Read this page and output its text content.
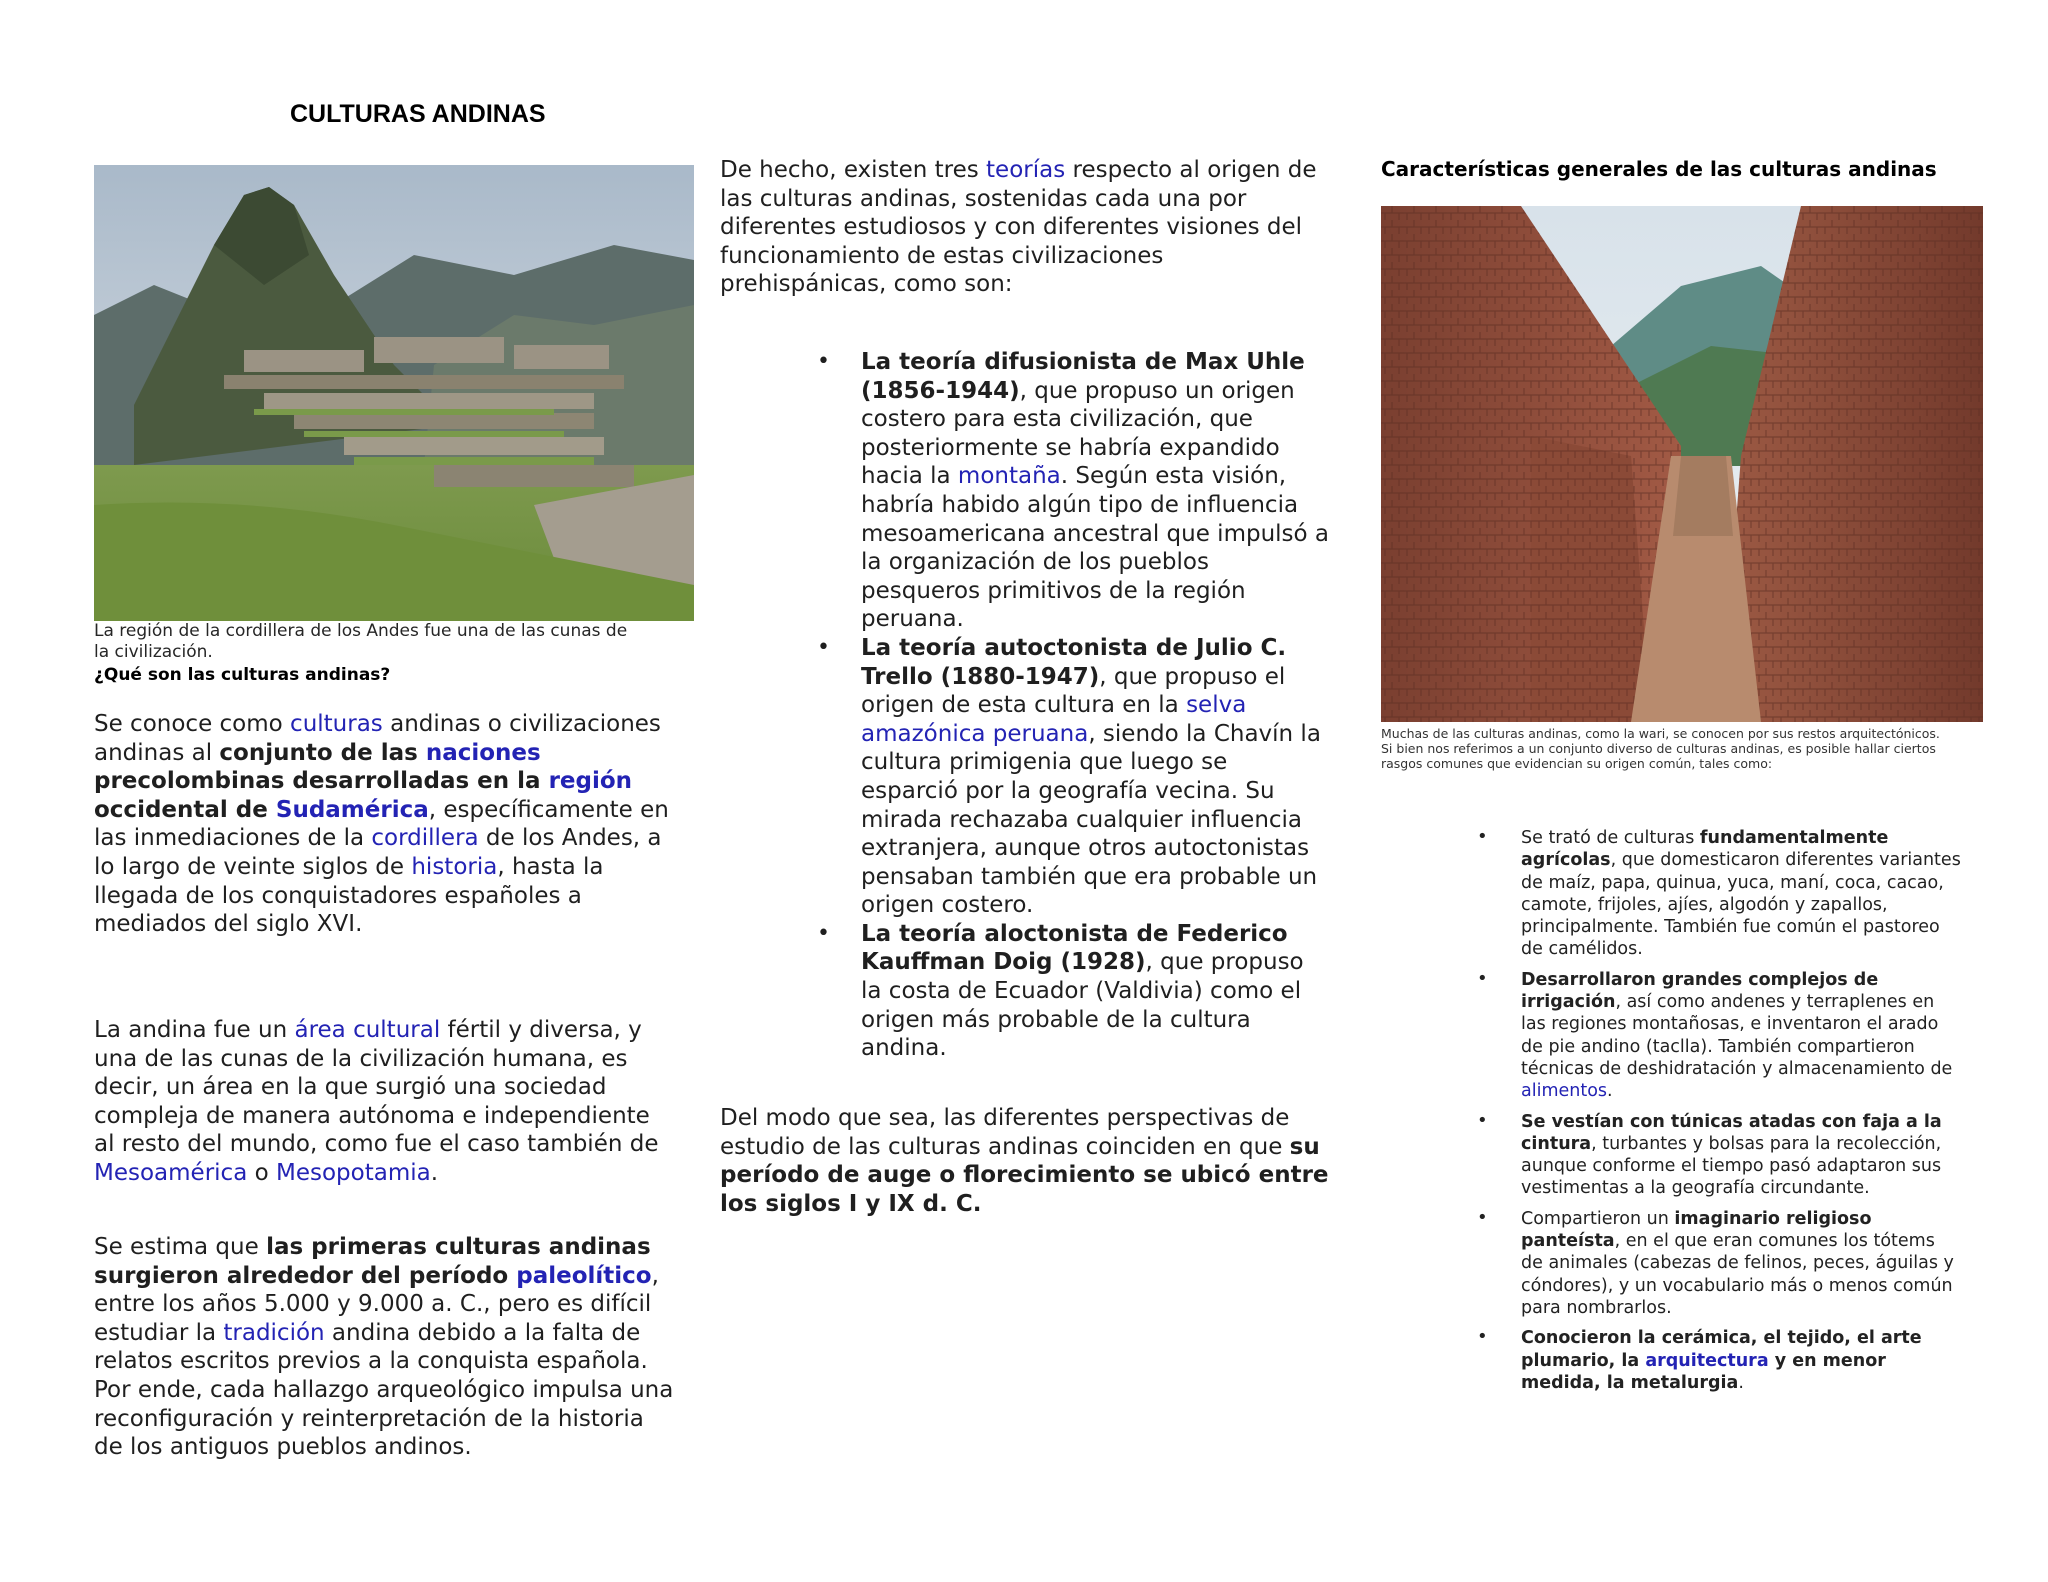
CULTURAS ANDINAS
La región de la cordillera de los Andes fue una de las cunas de
la civilización.
¿Qué son las culturas andinas?

Se conoce como culturas andinas o civilizaciones andinas al conjunto de las naciones precolombinas desarrolladas en la región occidental de Sudamérica, específicamente en las inmediaciones de la cordillera de los Andes, a lo largo de veinte siglos de historia, hasta la llegada de los conquistadores españoles a mediados del siglo XVI.

La andina fue un área cultural fértil y diversa, y una de las cunas de la civilización humana, es decir, un área en la que surgió una sociedad compleja de manera autónoma e independiente al resto del mundo, como fue el caso también de Mesoamérica o Mesopotamia.

Se estima que las primeras culturas andinas surgieron alrededor del período paleolítico, entre los años 5.000 y 9.000 a. C., pero es difícil estudiar la tradición andina debido a la falta de relatos escritos previos a la conquista española. Por ende, cada hallazgo arqueológico impulsa una reconfiguración y reinterpretación de la historia de los antiguos pueblos andinos.

De hecho, existen tres teorías respecto al origen de las culturas andinas, sostenidas cada una por diferentes estudiosos y con diferentes visiones del funcionamiento de estas civilizaciones prehispánicas, como son:

• La teoría difusionista de Max Uhle (1856-1944), que propuso un origen costero para esta civilización, que posteriormente se habría expandido hacia la montaña. Según esta visión, habría habido algún tipo de influencia mesoamericana ancestral que impulsó a la organización de los pueblos pesqueros primitivos de la región peruana.
• La teoría autoctonista de Julio C. Trello (1880-1947), que propuso el origen de esta cultura en la selva amazónica peruana, siendo la Chavín la cultura primigenia que luego se esparció por la geografía vecina. Su mirada rechazaba cualquier influencia extranjera, aunque otros autoctonistas pensaban también que era probable un origen costero.
• La teoría aloctonista de Federico Kauffman Doig (1928), que propuso la costa de Ecuador (Valdivia) como el origen más probable de la cultura andina.

Del modo que sea, las diferentes perspectivas de estudio de las culturas andinas coinciden en que su período de auge o florecimiento se ubicó entre los siglos I y IX d. C.

Características generales de las culturas andinas
Muchas de las culturas andinas, como la wari, se conocen por sus restos arquitectónicos.
Si bien nos referimos a un conjunto diverso de culturas andinas, es posible hallar ciertos
rasgos comunes que evidencian su origen común, tales como:
• Se trató de culturas fundamentalmente agrícolas, que domesticaron diferentes variantes de maíz, papa, quinua, yuca, maní, coca, cacao, camote, frijoles, ajíes, algodón y zapallos, principalmente. También fue común el pastoreo de camélidos.
• Desarrollaron grandes complejos de irrigación, así como andenes y terraplenes en las regiones montañosas, e inventaron el arado de pie andino (taclla). También compartieron técnicas de deshidratación y almacenamiento de alimentos.
• Se vestían con túnicas atadas con faja a la cintura, turbantes y bolsas para la recolección, aunque conforme el tiempo pasó adaptaron sus vestimentas a la geografía circundante.
• Compartieron un imaginario religioso panteísta, en el que eran comunes los tótems de animales (cabezas de felinos, peces, águilas y cóndores), y un vocabulario más o menos común para nombrarlos.
• Conocieron la cerámica, el tejido, el arte plumario, la arquitectura y en menor medida, la metalurgia.
